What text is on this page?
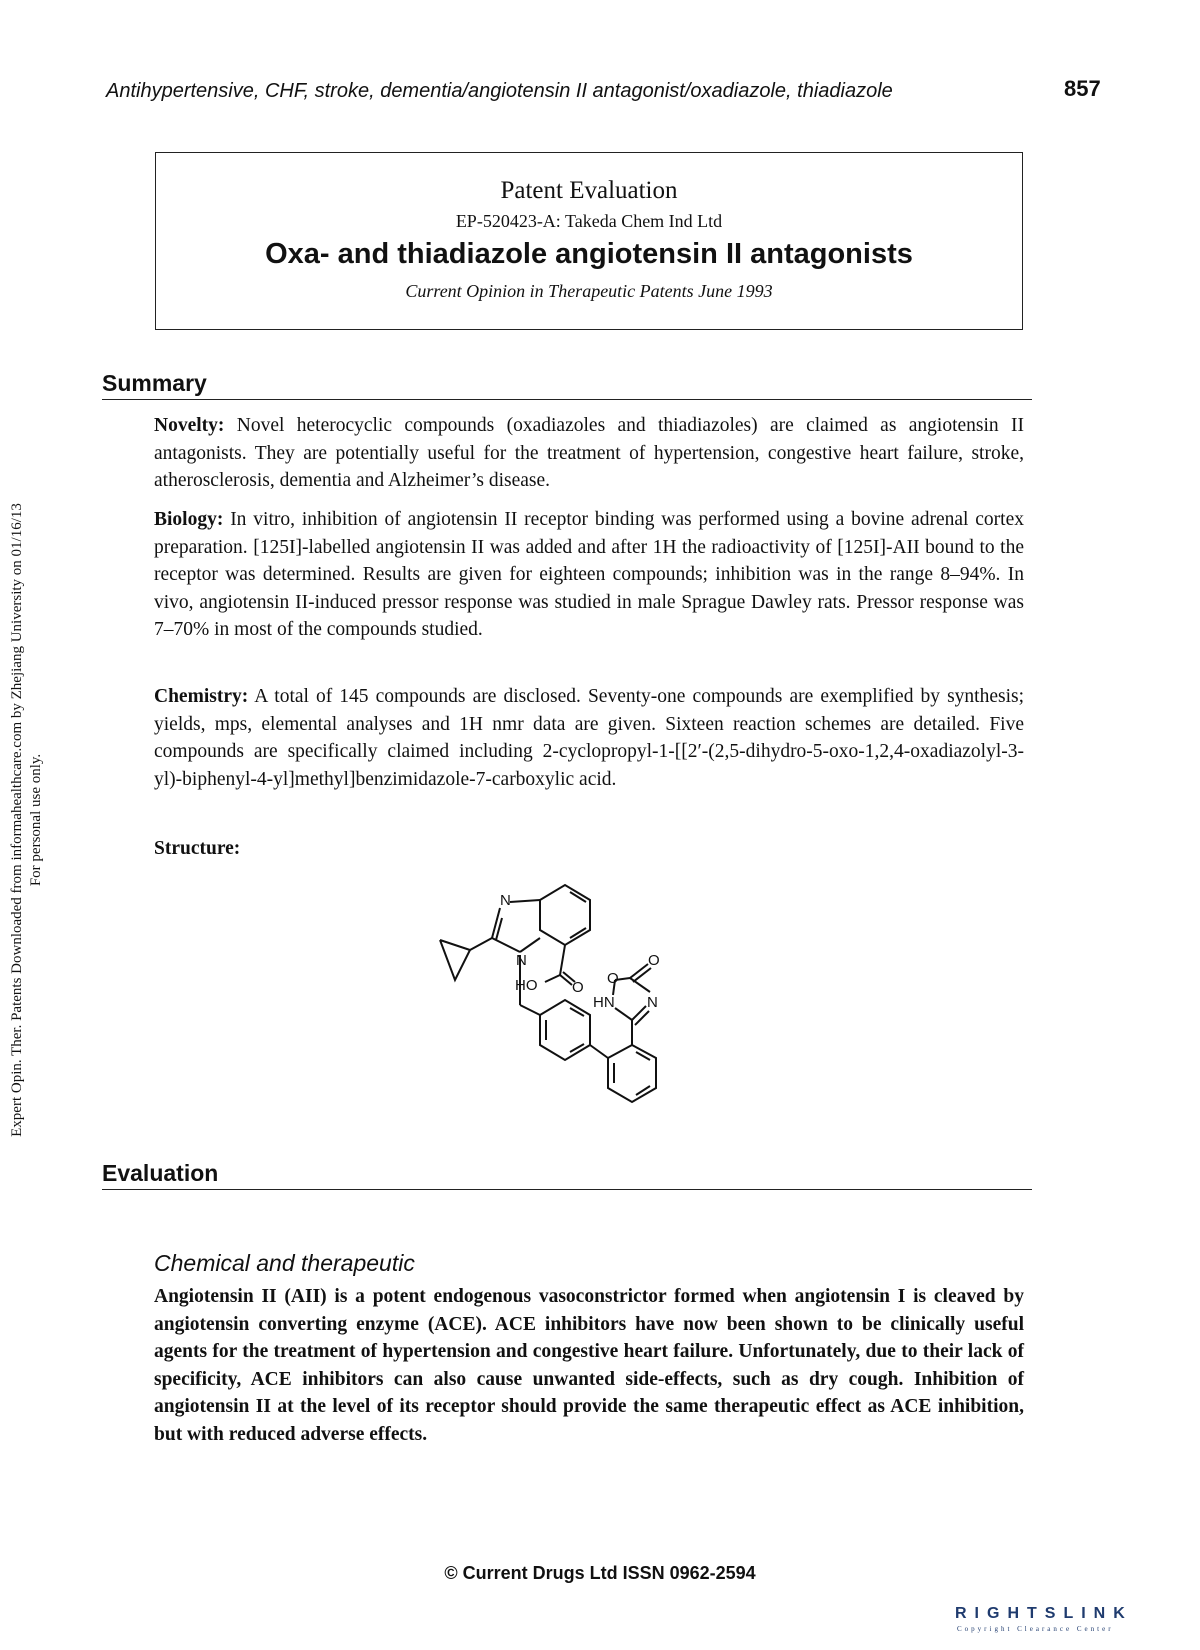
Antihypertensive, CHF, stroke, dementia/angiotensin II antagonist/oxadiazole, thiadiazole	857
Patent Evaluation
EP-520423-A: Takeda Chem Ind Ltd
Oxa- and thiadiazole angiotensin II antagonists
Current Opinion in Therapeutic Patents June 1993
Summary
Novelty: Novel heterocyclic compounds (oxadiazoles and thiadiazoles) are claimed as angiotensin II antagonists. They are potentially useful for the treatment of hypertension, congestive heart failure, stroke, atherosclerosis, dementia and Alzheimer’s disease.
Biology: In vitro, inhibition of angiotensin II receptor binding was performed using a bovine adrenal cortex preparation. [125I]-labelled angiotensin II was added and after 1H the radioactivity of [125I]-AII bound to the receptor was determined. Results are given for eighteen compounds; inhibition was in the range 8–94%. In vivo, angiotensin II-induced pressor response was studied in male Sprague Dawley rats. Pressor response was 7–70% in most of the compounds studied.
Chemistry: A total of 145 compounds are disclosed. Seventy-one compounds are exemplified by synthesis; yields, mps, elemental analyses and 1H nmr data are given. Sixteen reaction schemes are detailed. Five compounds are specifically claimed including 2-cyclopropyl-1-[[2′-(2,5-dihydro-5-oxo-1,2,4-oxadiazolyl-3-yl)-biphenyl-4-yl]methyl]benzimidazole-7-carboxylic acid.
Structure:
N
N
HO O
O
O
HN N
Evaluation
Chemical and therapeutic
Angiotensin II (AII) is a potent endogenous vasoconstrictor formed when angiotensin I is cleaved by angiotensin converting enzyme (ACE). ACE inhibitors have now been shown to be clinically useful agents for the treatment of hypertension and congestive heart failure. Unfortunately, due to their lack of specificity, ACE inhibitors can also cause unwanted side-effects, such as dry cough. Inhibition of angiotensin II at the level of its receptor should provide the same therapeutic effect as ACE inhibition, but with reduced adverse effects.
© Current Drugs Ltd ISSN 0962-2594
Expert Opin. Ther. Patents Downloaded from informahealthcare.com by Zhejiang University on 01/16/13 For personal use only.
RIGHTSLINK
Copyright Clearance Center
